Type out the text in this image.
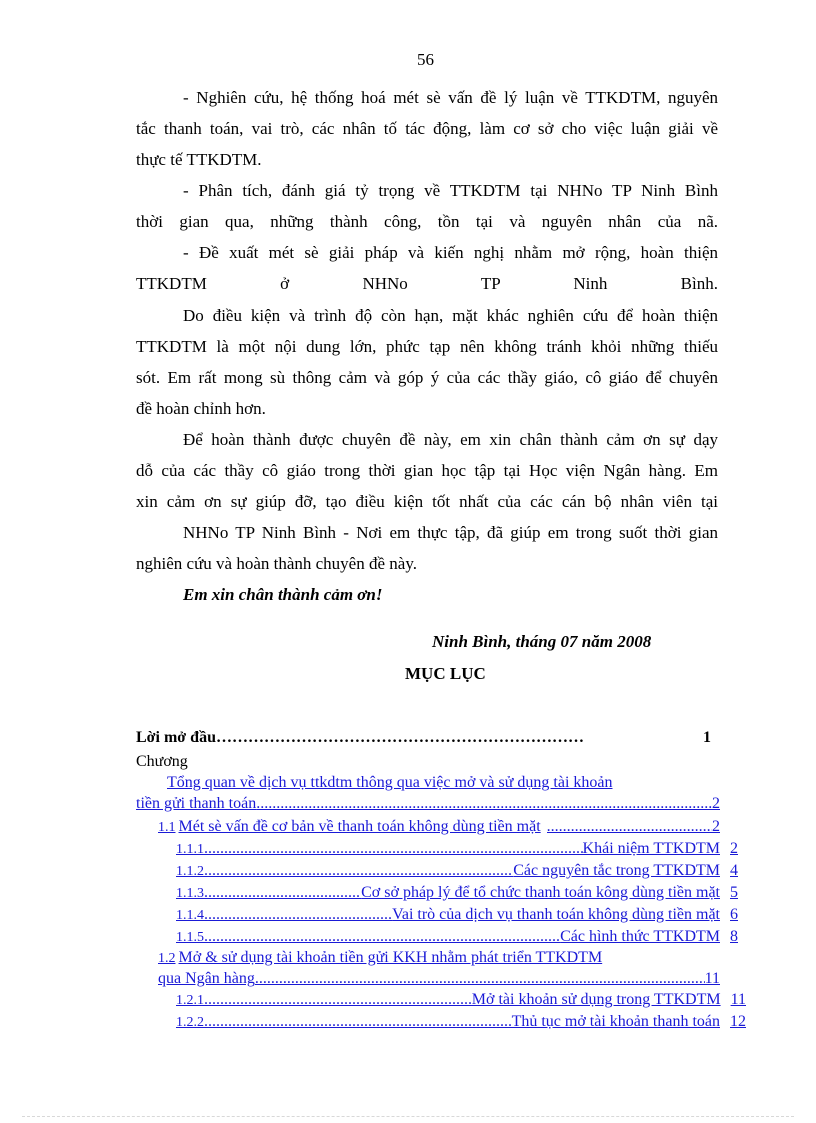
56
- Nghiên cứu, hệ thống hoá mét sè vấn đề lý luận về TTKDTM, nguyên
tắc thanh toán, vai trò, các nhân tố tác động, làm cơ sở cho việc luận giải về
thực tế TTKDTM.
- Phân tích, đánh giá tỷ trọng về TTKDTM tại NHNo TP Ninh Bình
thời gian qua, những thành công, tồn tại và nguyên nhân của nã.
- Đề xuất mét sè giải pháp và kiến nghị nhằm mở rộng, hoàn thiện
TTKDTM ở NHNo TP Ninh Bình.
Do điều kiện và trình độ còn hạn, mặt khác nghiên cứu để hoàn thiện
TTKDTM là một nội dung lớn, phức tạp nên không tránh khỏi những thiếu
sót. Em rất mong sù thông cảm và góp ý của các thầy giáo, cô giáo để chuyên
đề hoàn chỉnh hơn.
Để hoàn thành được chuyên đề này, em xin chân thành cảm ơn sự dạy
dỗ của các thầy cô giáo trong thời gian học tập tại Học viện Ngân hàng. Em
xin cảm ơn sự giúp đỡ, tạo điều kiện tốt nhất của các cán bộ nhân viên tại
NHNo TP Ninh Bình - Nơi em thực tập, đã giúp em trong suốt thời gian
nghiên cứu và hoàn thành chuyên đề này.
Em xin chân thành cảm ơn!
Ninh Bình, tháng 07 năm 2008
MỤC LỤC
Lời mở đầu ……………………………………………………………	1
Chương
Tổng quan về dịch vụ ttkdtm thông qua việc mở và sử dụng tài khoản
tiền gửi thanh toán .....	2
1.1 Mét sè vấn đề cơ bản về thanh toán không dùng tiền mặt .....	2
1.1.1 .....	Khái niệm TTKDTM 2
1.1.2 .....	Các nguyên tắc trong TTKDTM 4
1.1.3 .....	Cơ sở pháp lý để tổ chức thanh toán kông dùng tiền mặt 5
1.1.4 .....	Vai trò của dịch vụ thanh toán không dùng tiền mặt 6
1.1.5 .....	Các hình thức TTKDTM 8
1.2 Mở & sử dụng tài khoản tiền gửi KKH nhằm phát triển TTKDTM
qua Ngân hàng .....	11
1.2.1 .....	Mở tài khoản sử dụng trong TTKDTM 11
1.2.2 .....	Thủ tục mở tài khoản thanh toán 12
